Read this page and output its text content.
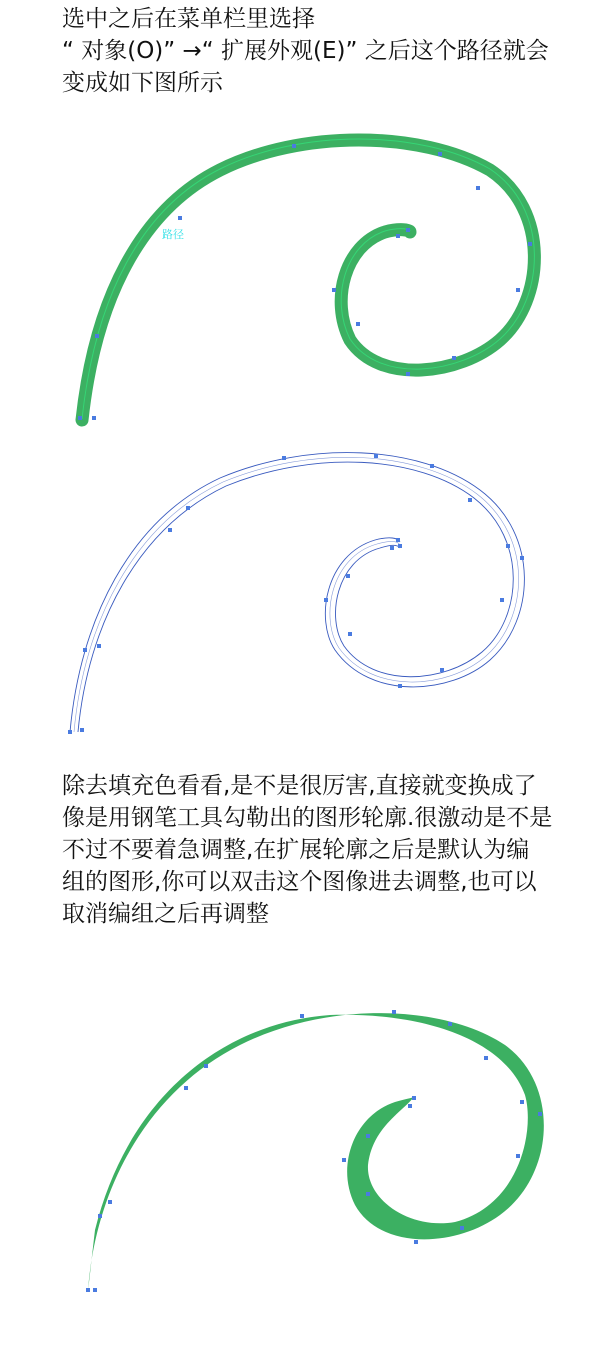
选中之后在菜单栏里选择
“ 对象(O)” →“ 扩展外观(E)” 之后这个路径就会
变成如下图所示

路径

除去填充色看看,是不是很厉害,直接就变换成了
像是用钢笔工具勾勒出的图形轮廓.很激动是不是
不过不要着急调整,在扩展轮廓之后是默认为编
组的图形,你可以双击这个图像进去调整,也可以
取消编组之后再调整
